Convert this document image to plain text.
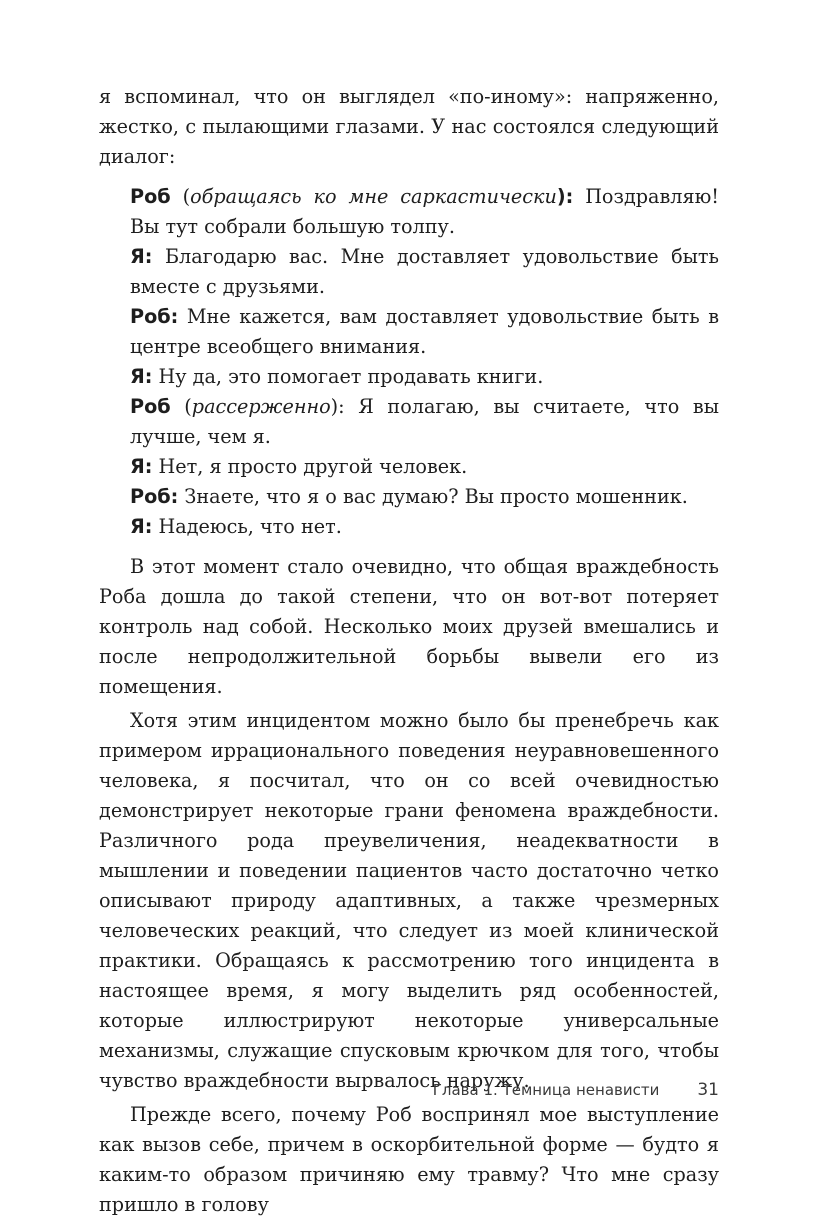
я вспоминал, что он выглядел «по-иному»: напряженно, жестко, с пылающими глазами. У нас состоялся следующий диалог:

Роб (обращаясь ко мне саркастически): Поздравляю! Вы тут собрали большую толпу.

Я: Благодарю вас. Мне доставляет удовольствие быть вместе с друзьями.

Роб: Мне кажется, вам доставляет удовольствие быть в центре всеобщего внимания.

Я: Ну да, это помогает продавать книги.

Роб (рассерженно): Я полагаю, вы считаете, что вы лучше, чем я.

Я: Нет, я просто другой человек.

Роб: Знаете, что я о вас думаю? Вы просто мошенник.

Я: Надеюсь, что нет.

В этот момент стало очевидно, что общая враждебность Роба дошла до такой степени, что он вот-вот потеряет контроль над собой. Несколько моих друзей вмешались и после непродолжительной борьбы вывели его из помещения.

Хотя этим инцидентом можно было бы пренебречь как примером иррационального поведения неуравновешенного человека, я посчитал, что он со всей очевидностью демонстрирует некоторые грани феномена враждебности. Различного рода преувеличения, неадекватности в мышлении и поведении пациентов часто достаточно четко описывают природу адаптивных, а также чрезмерных человеческих реакций, что следует из моей клинической практики. Обращаясь к рассмотрению того инцидента в настоящее время, я могу выделить ряд особенностей, которые иллюстрируют некоторые универсальные механизмы, служащие спусковым крючком для того, чтобы чувство враждебности вырвалось наружу.

Прежде всего, почему Роб воспринял мое выступление как вызов себе, причем в оскорбительной форме — будто я каким-то образом причиняю ему травму? Что мне сразу пришло в голову

Глава 1. Темница ненависти 31
